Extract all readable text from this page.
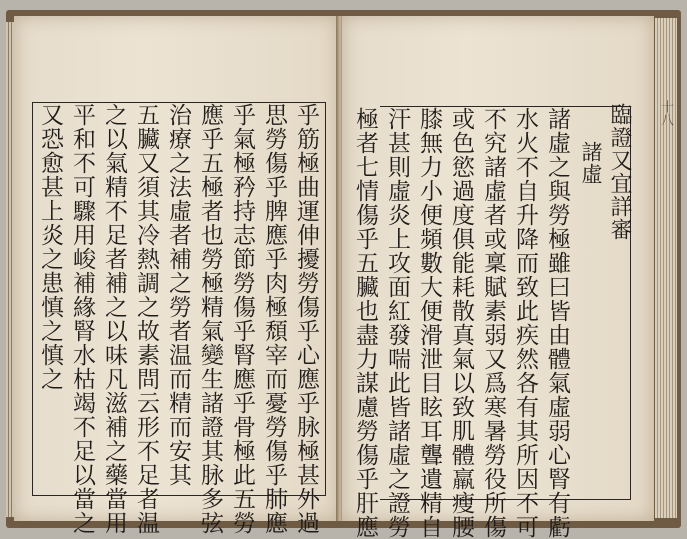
乎筋極曲運伸擾勞傷乎心應乎脉極甚外過
思勞傷乎脾應乎肉極頹宰而憂勞傷乎肺應
乎氣極矜持志節勞傷乎腎應乎骨極此五勞
應乎五極者也勞極精氣變生諸證其脉多弦
治療之法虛者補之勞者温而精而安其
五臟又須其冷熱調之故素問云形不足者温
之以氣精不足者補之以味凡滋補之藥當用
平和不可驟用峻補緣腎水枯竭不足以當之
又恐愈甚上炎之患慎之慎之	臨證又宜詳審
諸虛
諸虛之與勞極雖曰皆由體氣虛弱心腎有虧
水火不自升降而致此疾然各有其所因不可
不究諸虛者或稟賦素弱又爲寒暑勞役所傷
或色慾過度俱能耗散真氣以致肌體羸瘦腰
膝無力小便頻數大便滑泄目眩耳聾遺精自
汗甚則虛炎上攻面紅發喘此皆諸虛之證勞
極者七情傷乎五臟也盡力謀慮勞傷乎肝應	十八
